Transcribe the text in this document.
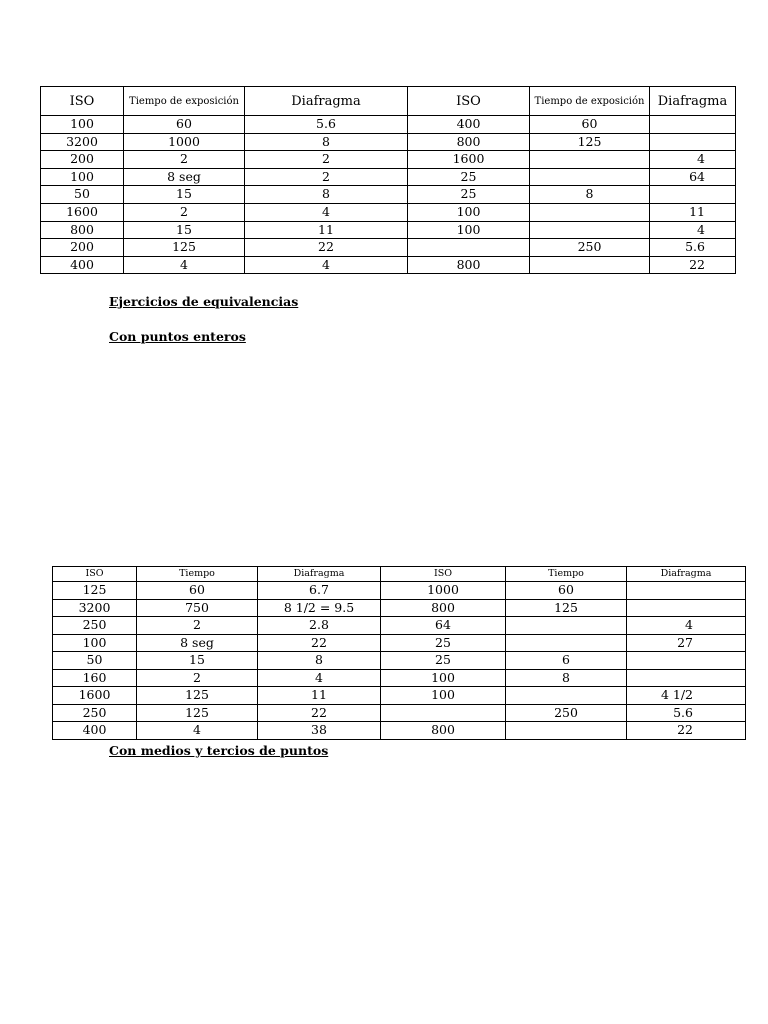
ISO	Tiempo de exposición	Diafragma	ISO	Tiempo de exposición	Diafragma
100	60	5.6	400	60	
3200	1000	8	800	125	
200	2	2	1600		4
100	8 seg	2	25		64
50	15	8	25	8	
1600	2	4	100		11
800	15	11	100		4
200	125	22		250	5.6
400	4	4	800		22

Ejercicios de equivalencias

Con puntos enteros

ISO	Tiempo	Diafragma	ISO	Tiempo	Diafragma
125	60	6.7	1000	60	
3200	750	8 1/2 = 9.5	800	125	
250	2	2.8	64		4
100	8 seg	22	25		27
50	15	8	25	6	
160	2	4	100	8	
1600	125	11	100		4 1/2
250	125	22		250	5.6
400	4	38	800		22

Con medios y tercios de puntos
